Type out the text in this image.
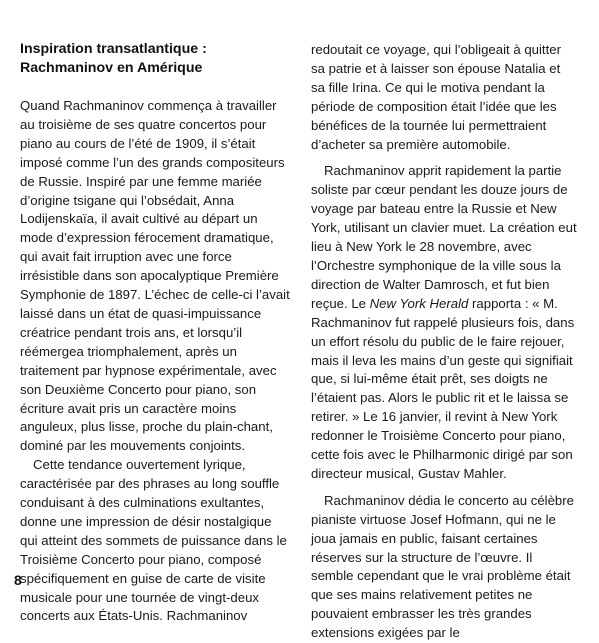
Inspiration transatlantique :
Rachmaninov en Amérique

Quand Rachmaninov commença à travailler au troisième de ses quatre concertos pour piano au cours de l’été de 1909, il s’était imposé comme l’un des grands compositeurs de Russie. Inspiré par une femme mariée d’origine tsigane qui l’obsédait, Anna Lodijenskaïa, il avait cultivé au départ un mode d’expression férocement dramatique, qui avait fait irruption avec une force irrésistible dans son apocalyptique Première Symphonie de 1897. L’échec de celle-ci l’avait laissé dans un état de quasi-impuissance créatrice pendant trois ans, et lorsqu’il réémergea triomphalement, après un traitement par hypnose expérimentale, avec son Deuxième Concerto pour piano, son écriture avait pris un caractère moins anguleux, plus lisse, proche du plain-chant, dominé par les mouvements conjoints.

Cette tendance ouvertement lyrique, caractérisée par des phrases au long souffle conduisant à des culminations exultantes, donne une impression de désir nostalgique qui atteint des sommets de puissance dans le Troisième Concerto pour piano, composé spécifiquement en guise de carte de visite musicale pour une tournée de vingt-deux concerts aux États-Unis. Rachmaninov

redoutait ce voyage, qui l’obligeait à quitter sa patrie et à laisser son épouse Natalia et sa fille Irina. Ce qui le motiva pendant la période de composition était l’idée que les bénéfices de la tournée lui permettraient d’acheter sa première automobile.

Rachmaninov apprit rapidement la partie soliste par cœur pendant les douze jours de voyage par bateau entre la Russie et New York, utilisant un clavier muet. La création eut lieu à New York le 28 novembre, avec l’Orchestre symphonique de la ville sous la direction de Walter Damrosch, et fut bien reçue. Le New York Herald rapporta : « M. Rachmaninov fut rappelé plusieurs fois, dans un effort résolu du public de le faire rejouer, mais il leva les mains d’un geste qui signifiait que, si lui-même était prêt, ses doigts ne l’étaient pas. Alors le public rit et le laissa se retirer. » Le 16 janvier, il revint à New York redonner le Troisième Concerto pour piano, cette fois avec le Philharmonic dirigé par son directeur musical, Gustav Mahler.

Rachmaninov dédia le concerto au célèbre pianiste virtuose Josef Hofmann, qui ne le joua jamais en public, faisant certaines réserves sur la structure de l’œuvre. Il semble cependant que le vrai problème était que ses mains relativement petites ne pouvaient embrasser les très grandes extensions exigées par le

8
